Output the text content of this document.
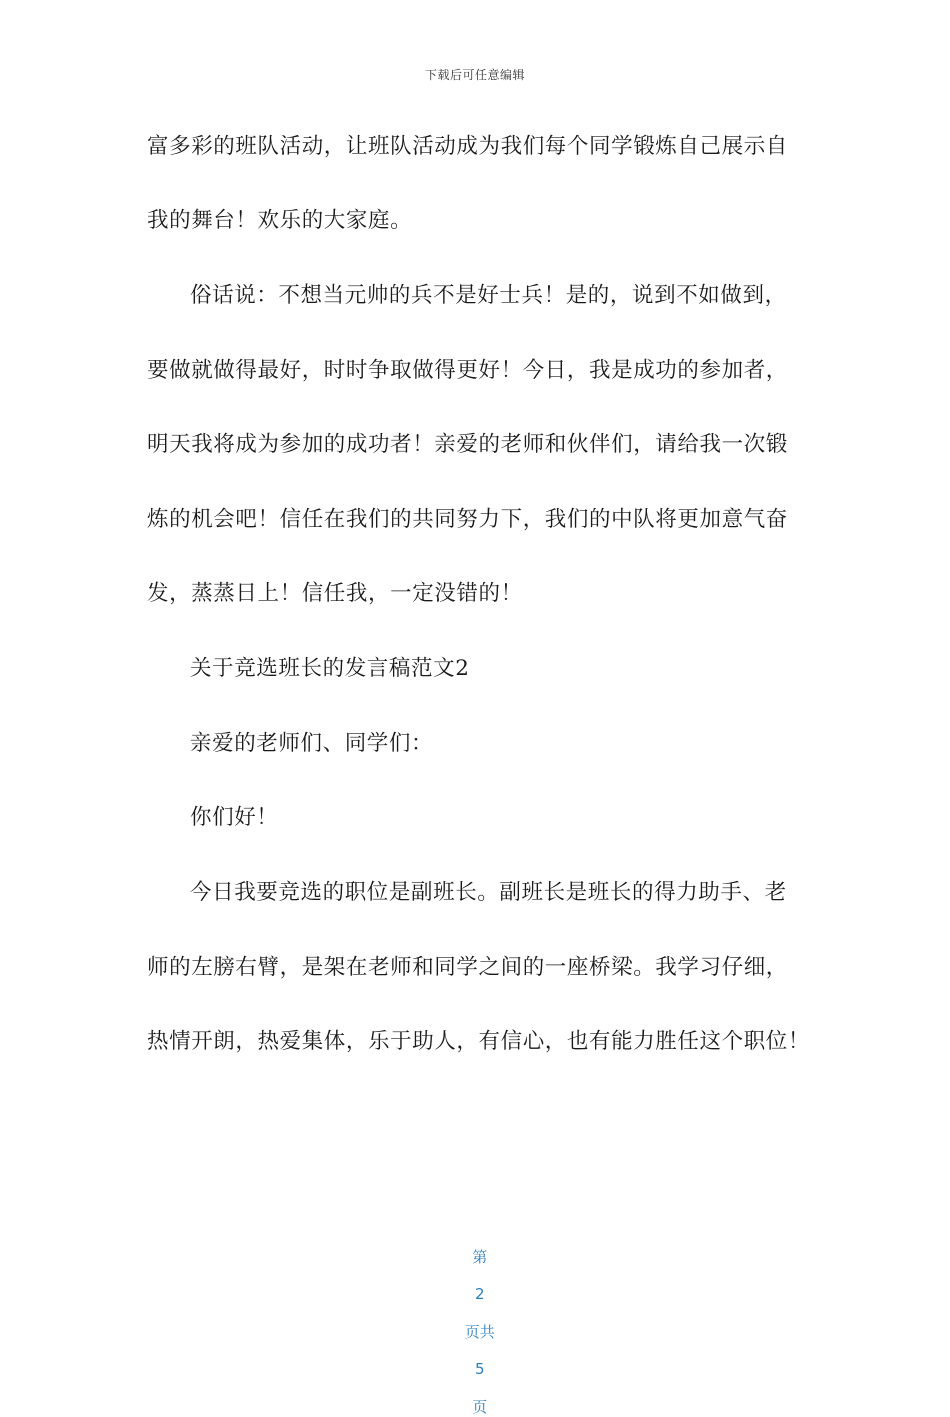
下载后可任意编辑
富多彩的班队活动，让班队活动成为我们每个同学锻炼自己展示自
我的舞台！欢乐的大家庭。
俗话说：不想当元帅的兵不是好士兵！是的，说到不如做到，
要做就做得最好，时时争取做得更好！今日，我是成功的参加者，
明天我将成为参加的成功者！亲爱的老师和伙伴们，请给我一次锻
炼的机会吧！信任在我们的共同努力下，我们的中队将更加意气奋
发，蒸蒸日上！信任我，一定没错的！
关于竞选班长的发言稿范文2
亲爱的老师们、同学们：
你们好！
今日我要竞选的职位是副班长。副班长是班长的得力助手、老
师的左膀右臂，是架在老师和同学之间的一座桥梁。我学习仔细，
热情开朗，热爱集体，乐于助人，有信心，也有能力胜任这个职位！

第

2

页共

5

页
